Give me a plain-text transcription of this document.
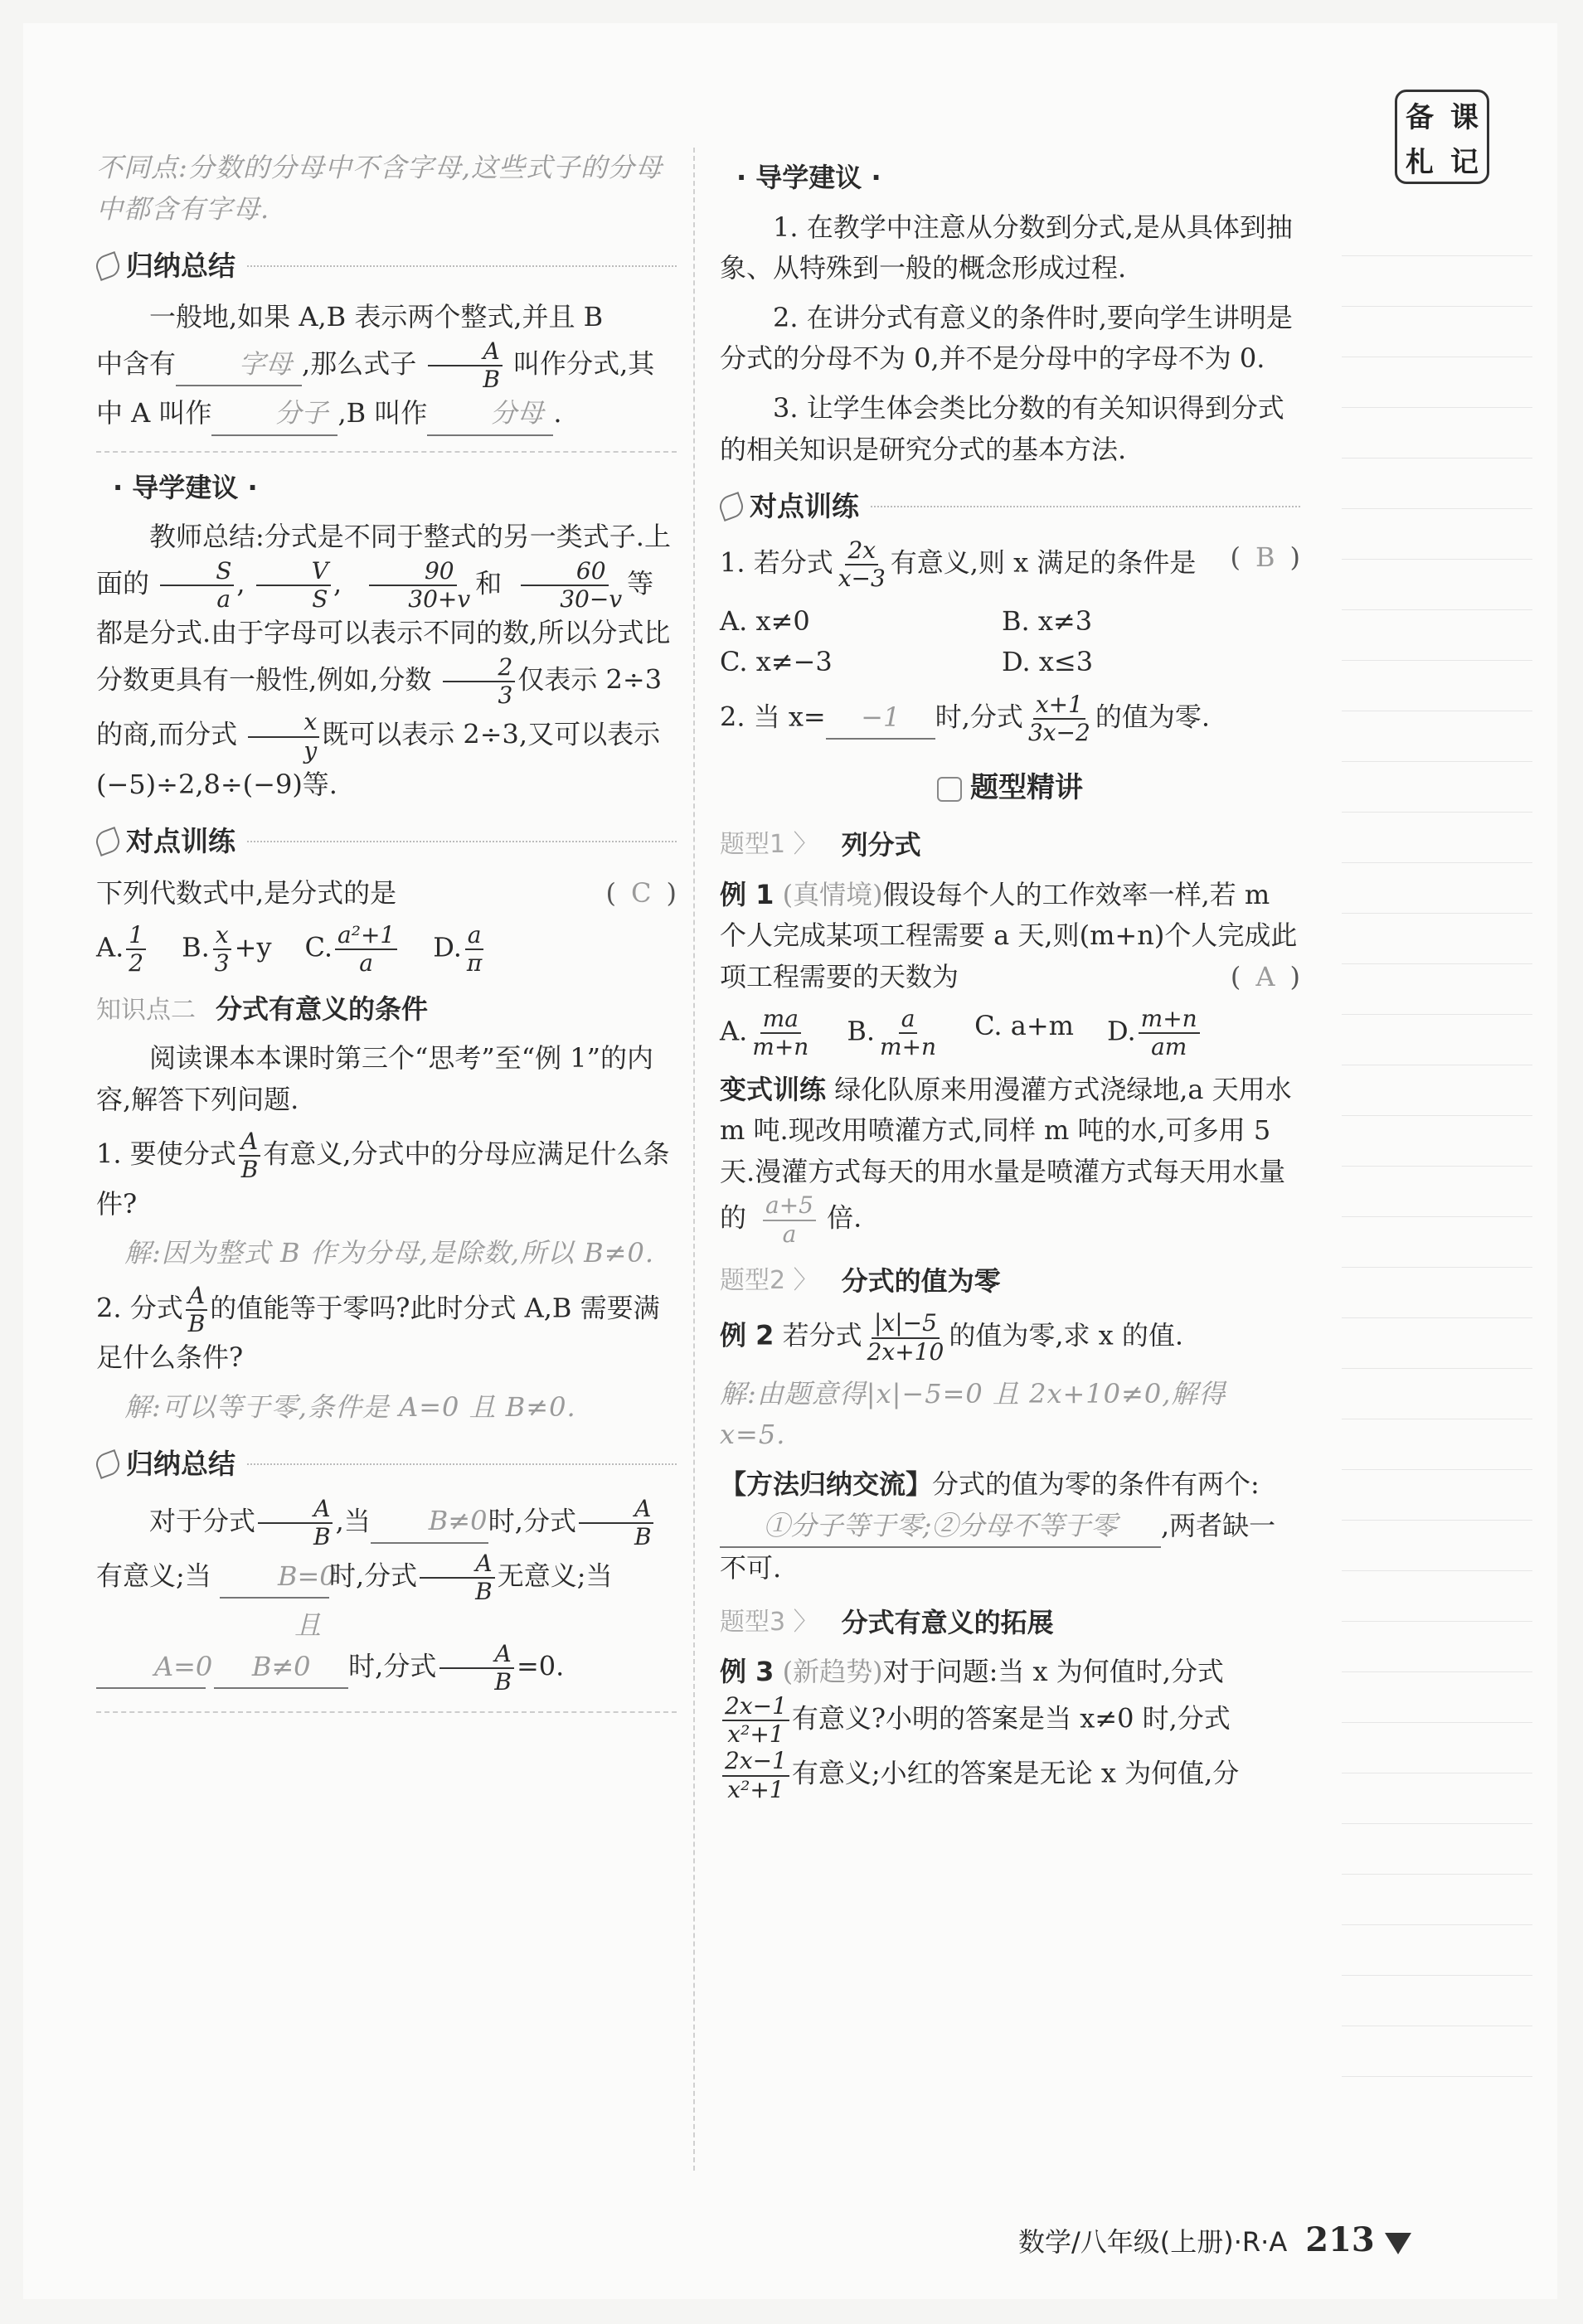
备 课
札 记

不同点:分数的分母中不含字母,这些式子的分母中都含有字母.

归纳总结

一般地,如果 A,B 表示两个整式,并且 B
中含有 字母 ,那么式子 $\frac{A}{B}$ 叫作分式,其
中 A 叫作 分子 ,B 叫作 分母 .

· 导学建议 ·

教师总结:分式是不同于整式的另一类式子.上面的 $\frac{S}{a}$ , $\frac{V}{S}$ , $\frac{90}{30+v}$ 和 $\frac{60}{30-v}$ 等都是分式.由于字母可以表示不同的数,所以分式比分数更具有一般性,例如,分数 $\frac{2}{3}$ 仅表示 2÷3 的商,而分式 $\frac{x}{y}$ 既可以表示 2÷3,又可以表示(−5)÷2,8÷(−9)等.

对点训练

下列代数式中,是分式的是	( C )

A. $\frac{1}{2} B$. $\frac{x}{3} +y$ C. $\frac{\text{a²+1}}{a} D$. $\frac{a}{\pi}$
知识点二 分式有意义的条件

阅读课本本课时第三个“思考”至“例 1”的内容,解答下列问题.

1. 要使分式 $\frac{A}{B}$ 有意义,分式中的分母应满足什么条件?

解:因为整式 B 作为分母,是除数,所以 B≠0.

2. 分式 $\frac{A}{B}$ 的值能等于零吗?此时分式 A,B 需要满足什么条件?

解:可以等于零,条件是 A=0 且 B≠0.

归纳总结

对于分式 $\frac{A}{B}$ ,当 B≠0时,分式 $\frac{A}{B}$
有意义;当	B=0时,分式 $\frac{A}{B}$ 无意义;当A=0 且 B≠0 时,分式 $\frac{A}{B} =0$.

· 导学建议 ·

1. 在教学中注意从分数到分式,是从具体到抽象、从特殊到一般的概念形成过程.

2. 在讲分式有意义的条件时,要向学生讲明是分式的分母不为 0,并不是分母中的字母不为 0.

3. 让学生体会类比分数的有关知识得到分式的相关知识是研究分式的基本方法.

对点训练

1. 若分式 $\frac{2x}{x-3}$ 有意义,则 x 满足的条件是 ( B )

A. x≠0	B. x≠3
C. x≠−3	D. x≤3

2. 当 x= −1 时,分式 $\frac{x+1}{3x-2}$ 的值为零.

题型精讲
题型1 〉 列分式

例 1 (真情境)假设每个人的工作效率一样,若 m 个人完成某项工程需要 a 天,则(m+n)个人完成此项工程需要的天数为	( A )

A. $\frac{ma}{m+n} B$. $\frac{a}{m+n} C$. a+m D. $\frac{m+n}{am}$

变式训练 绿化队原来用漫灌方式浇绿地,a 天用水 m 吨.现改用喷灌方式,同样 m 吨的水,可多用 5 天.漫灌方式每天的用水量是喷灌方式每天用水量的 $\frac{a+5}{a}$ 倍.

题型2 〉 分式的值为零

例 2 若分式 $\frac{|x|-5}{2x+10}$ 的值为零,求 x 的值.

解:由题意得|x|−5=0 且 2x+10≠0,解得 x=5.

【方法归纳交流】分式的值为零的条件有两个:
①分子等于零;②分母不等于零 ,两者缺一不可.

题型3 〉 分式有意义的拓展

例 3 (新趋势)对于问题:当 x 为何值时,分式

$\frac{2x-1}{\text{x²+1}}$ 有意义?小明的答案是当 x≠0 时,分式

$\frac{2x-1}{\text{x²+1}}$ 有意义;小红的答案是无论 x 为何值,分

数学/八年级(上册)·R·A 213
